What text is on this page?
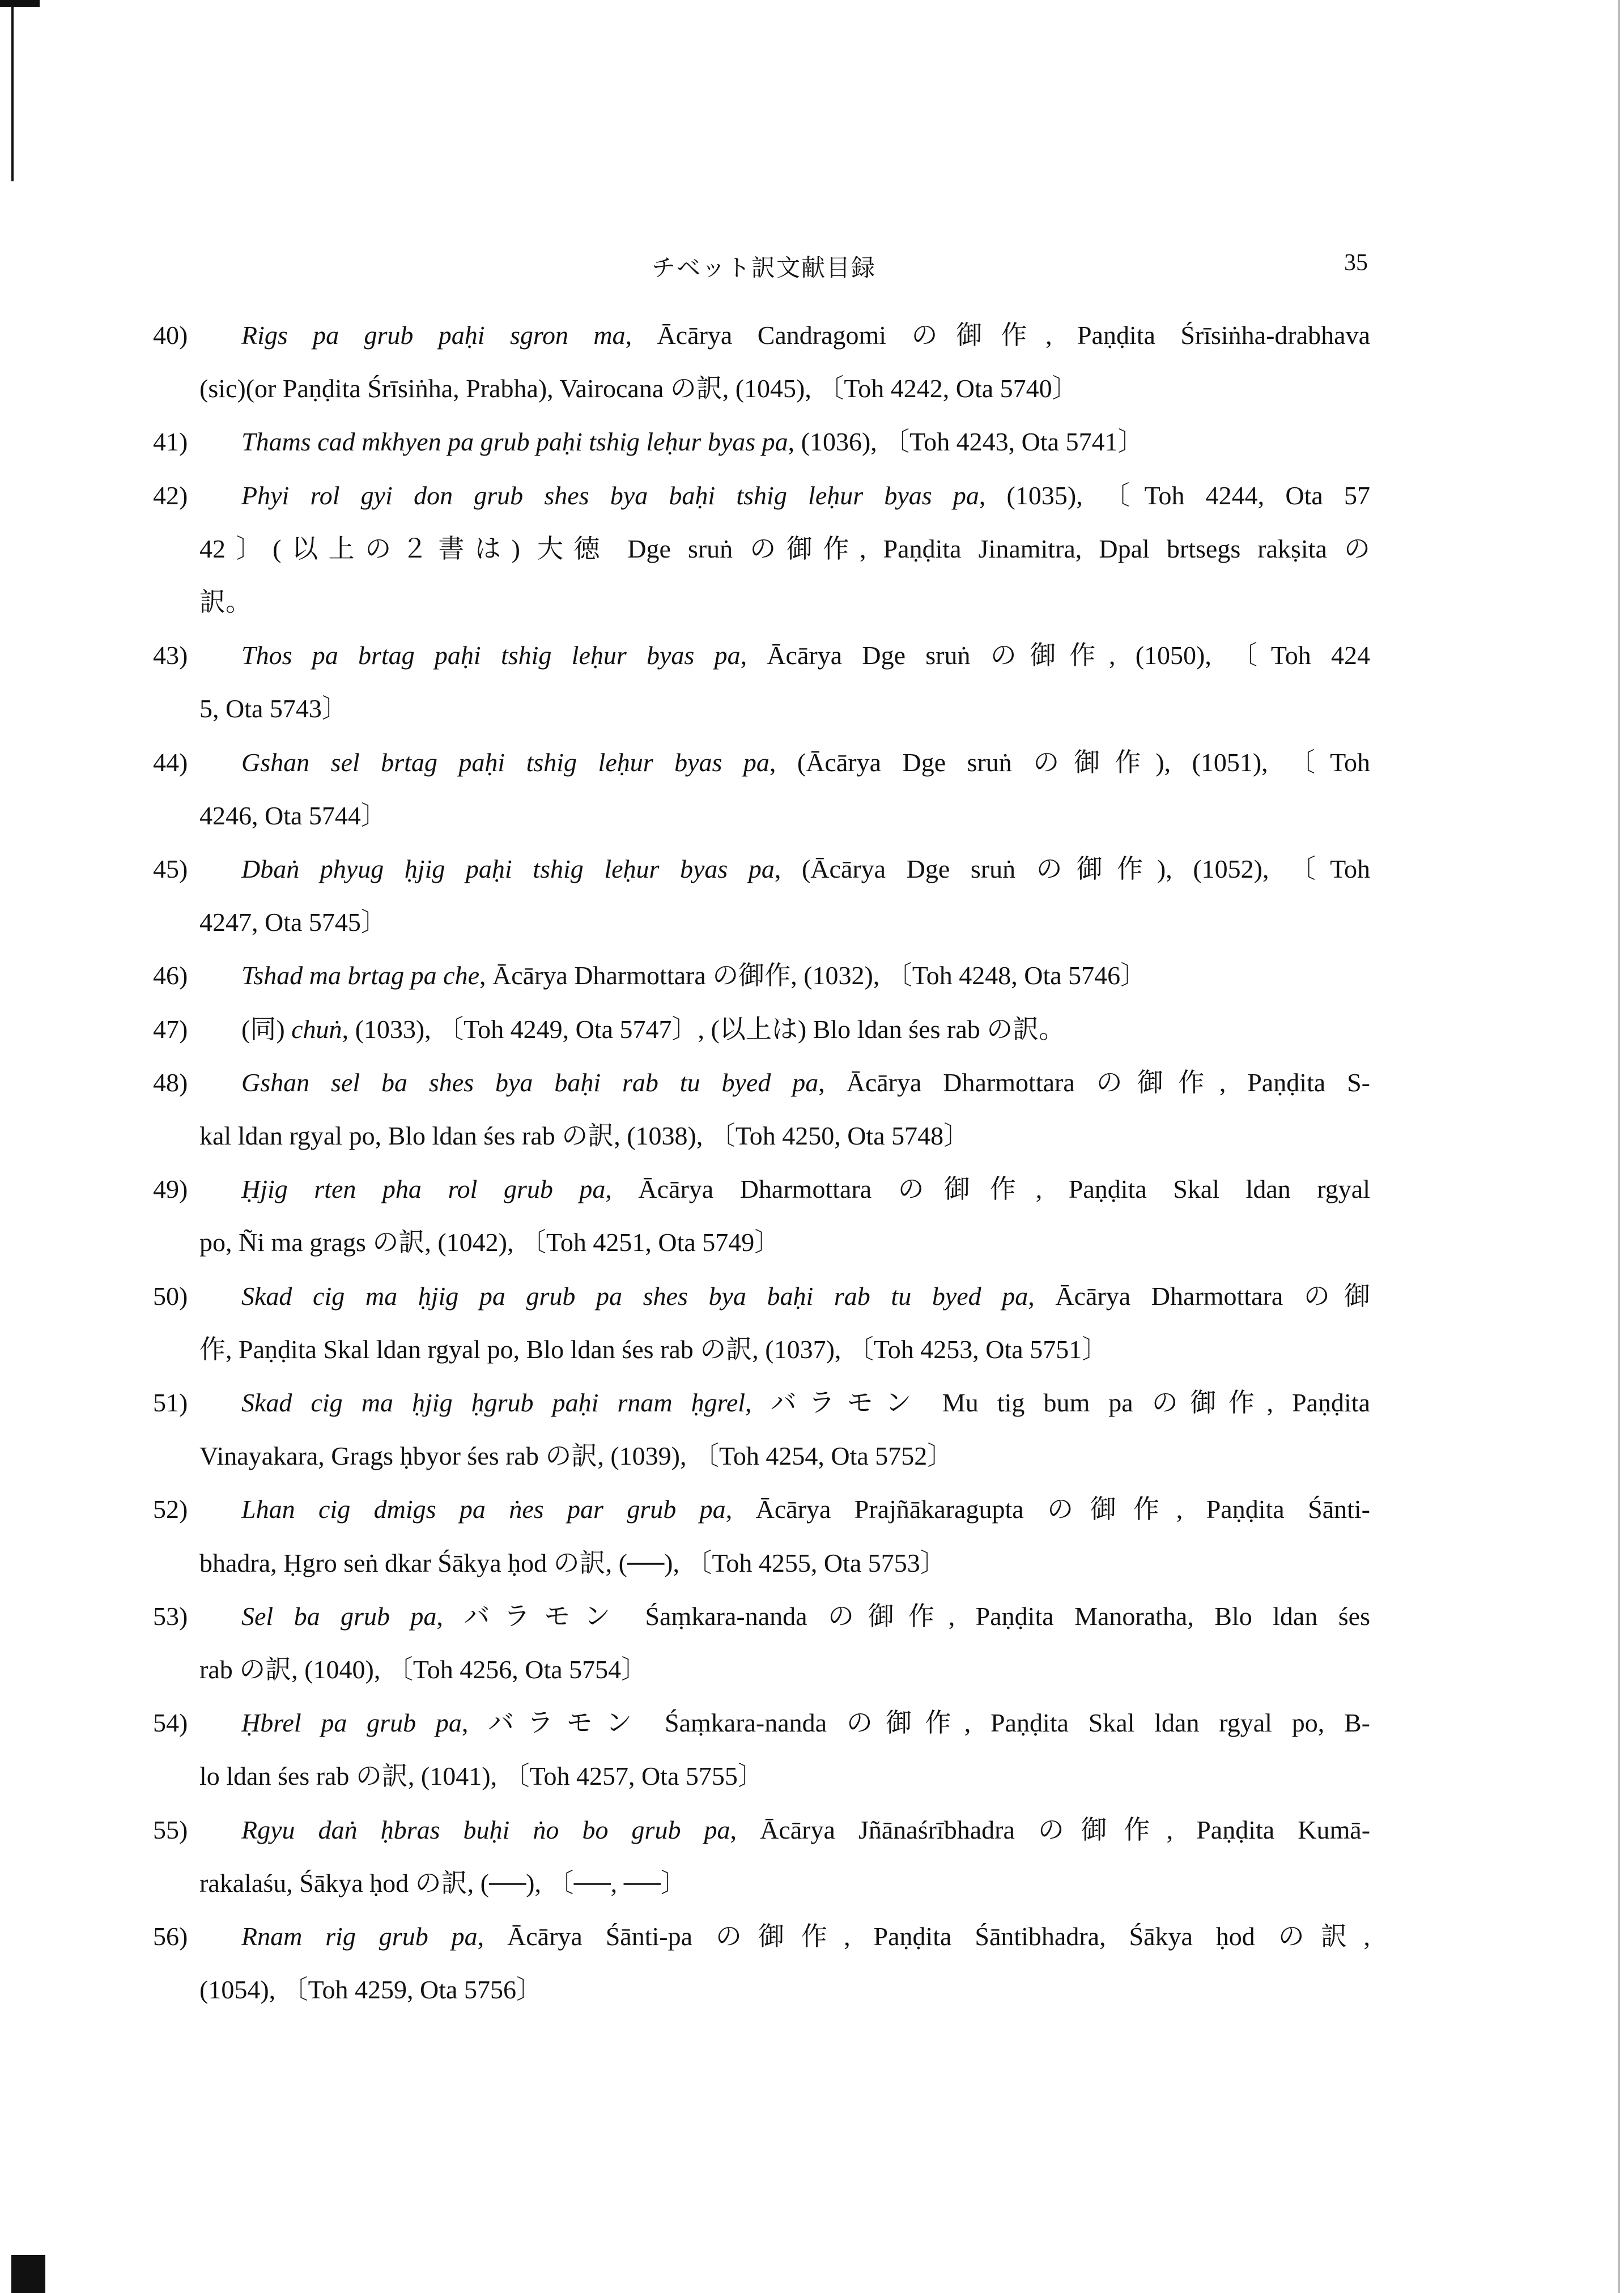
チベット訳文献目録	35
40)	Rigs pa grub paḥi sgron ma, Ācārya Candragomi の御作, Paṇḍita Śrīsiṅha-drabhava
(sic)(or Paṇḍita Śrīsiṅha, Prabha), Vairocana の訳, (1045), 〔Toh 4242, Ota 5740〕
41)	Thams cad mkhyen pa grub paḥi tshig leḥur byas pa, (1036), 〔Toh 4243, Ota 5741〕
42)	Phyi rol gyi don grub shes bya baḥi tshig leḥur byas pa, (1035), 〔Toh 4244, Ota 57
42〕(以上の２書は) 大徳 Dge sruṅ の御作, Paṇḍita Jinamitra, Dpal brtsegs rakṣita の
訳。
43)	Thos pa brtag paḥi tshig leḥur byas pa, Ācārya Dge sruṅ の御作, (1050), 〔Toh 424
5, Ota 5743〕
44)	Gshan sel brtag paḥi tshig leḥur byas pa, (Ācārya Dge sruṅ の御作), (1051), 〔Toh
4246, Ota 5744〕
45)	Dbaṅ phyug ḥjig paḥi tshig leḥur byas pa, (Ācārya Dge sruṅ の御作), (1052), 〔Toh
4247, Ota 5745〕
46)	Tshad ma brtag pa che, Ācārya Dharmottara の御作, (1032), 〔Toh 4248, Ota 5746〕
47)	(同) chuṅ, (1033), 〔Toh 4249, Ota 5747〕, (以上は) Blo ldan śes rab の訳。
48)	Gshan sel ba shes bya baḥi rab tu byed pa, Ācārya Dharmottara の御作, Paṇḍita S-
kal ldan rgyal po, Blo ldan śes rab の訳, (1038), 〔Toh 4250, Ota 5748〕
49)	Ḥjig rten pha rol grub pa, Ācārya Dharmottara の御作, Paṇḍita Skal ldan rgyal
po, Ñi ma grags の訳, (1042), 〔Toh 4251, Ota 5749〕
50)	Skad cig ma ḥjig pa grub pa shes bya baḥi rab tu byed pa, Ācārya Dharmottara の御
作, Paṇḍita Skal ldan rgyal po, Blo ldan śes rab の訳, (1037), 〔Toh 4253, Ota 5751〕
51)	Skad cig ma ḥjig ḥgrub paḥi rnam ḥgrel, バラモン Mu tig bum pa の御作, Paṇḍita
Vinayakara, Grags ḥbyor śes rab の訳, (1039), 〔Toh 4254, Ota 5752〕
52)	Lhan cig dmigs pa ṅes par grub pa, Ācārya Prajñākaragupta の御作, Paṇḍita Śānti-
bhadra, Ḥgro seṅ dkar Śākya ḥod の訳, (──), 〔Toh 4255, Ota 5753〕
53)	Sel ba grub pa, バラモン Śaṃkara-nanda の御作, Paṇḍita Manoratha, Blo ldan śes
rab の訳, (1040), 〔Toh 4256, Ota 5754〕
54)	Ḥbrel pa grub pa, バラモン Śaṃkara-nanda の御作, Paṇḍita Skal ldan rgyal po, B-
lo ldan śes rab の訳, (1041), 〔Toh 4257, Ota 5755〕
55)	Rgyu daṅ ḥbras buḥi ṅo bo grub pa, Ācārya Jñānaśrībhadra の御作, Paṇḍita Kumā-
rakalaśu, Śākya ḥod の訳, (──), 〔──, ──〕
56)	Rnam rig grub pa, Ācārya Śānti-pa の御作, Paṇḍita Śāntibhadra, Śākya ḥod の訳,
(1054), 〔Toh 4259, Ota 5756〕
